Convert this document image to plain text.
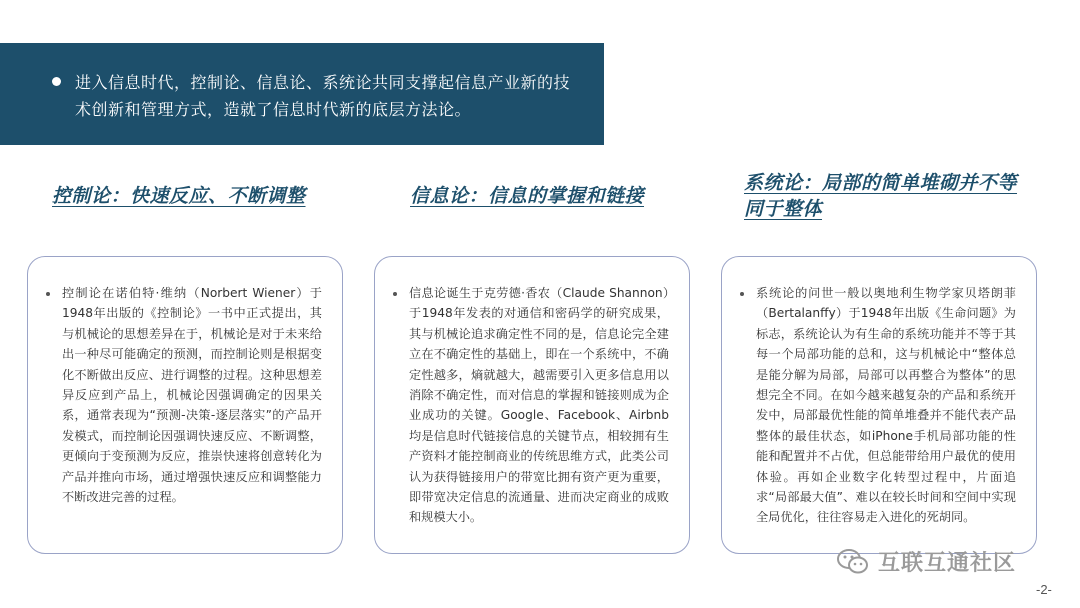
进入信息时代，控制论、信息论、系统论共同支撑起信息产业新的技术创新和管理方式，造就了信息时代新的底层方法论。

控制论：快速反应、不断调整	信息论：信息的掌握和链接
系统论：局部的简单堆砌并不等同于整体

控制论在诺伯特·维纳（Norbert Wiener）于1948年出版的《控制论》一书中正式提出，其与机械论的思想差异在于，机械论是对于未来给出一种尽可能确定的预测，而控制论则是根据变化不断做出反应、进行调整的过程。这种思想差异反应到产品上，机械论因强调确定的因果关系，通常表现为“预测-决策-逐层落实”的产品开发模式，而控制论因强调快速反应、不断调整，更倾向于变预测为反应，推崇快速将创意转化为产品并推向市场，通过增强快速反应和调整能力不断改进完善的过程。

信息论诞生于克劳德·香农（Claude Shannon）于1948年发表的对通信和密码学的研究成果，其与机械论追求确定性不同的是，信息论完全建立在不确定性的基础上，即在一个系统中，不确定性越多，熵就越大，越需要引入更多信息用以消除不确定性，而对信息的掌握和链接则成为企业成功的关键。Google、Facebook、Airbnb均是信息时代链接信息的关键节点，相较拥有生产资料才能控制商业的传统思维方式，此类公司认为获得链接用户的带宽比拥有资产更为重要，即带宽决定信息的流通量、进而决定商业的成败和规模大小。

系统论的问世一般以奥地利生物学家贝塔朗菲（Bertalanffy）于1948年出版《生命问题》为标志，系统论认为有生命的系统功能并不等于其每一个局部功能的总和，这与机械论中“整体总是能分解为局部，局部可以再整合为整体”的思想完全不同。在如今越来越复杂的产品和系统开发中，局部最优性能的简单堆叠并不能代表产品整体的最佳状态，如iPhone手机局部功能的性能和配置并不占优，但总能带给用户最优的使用体验。再如企业数字化转型过程中，片面追求“局部最大值”、难以在较长时间和空间中实现全局优化，往往容易走入进化的死胡同。

互联互通社区
-2-
